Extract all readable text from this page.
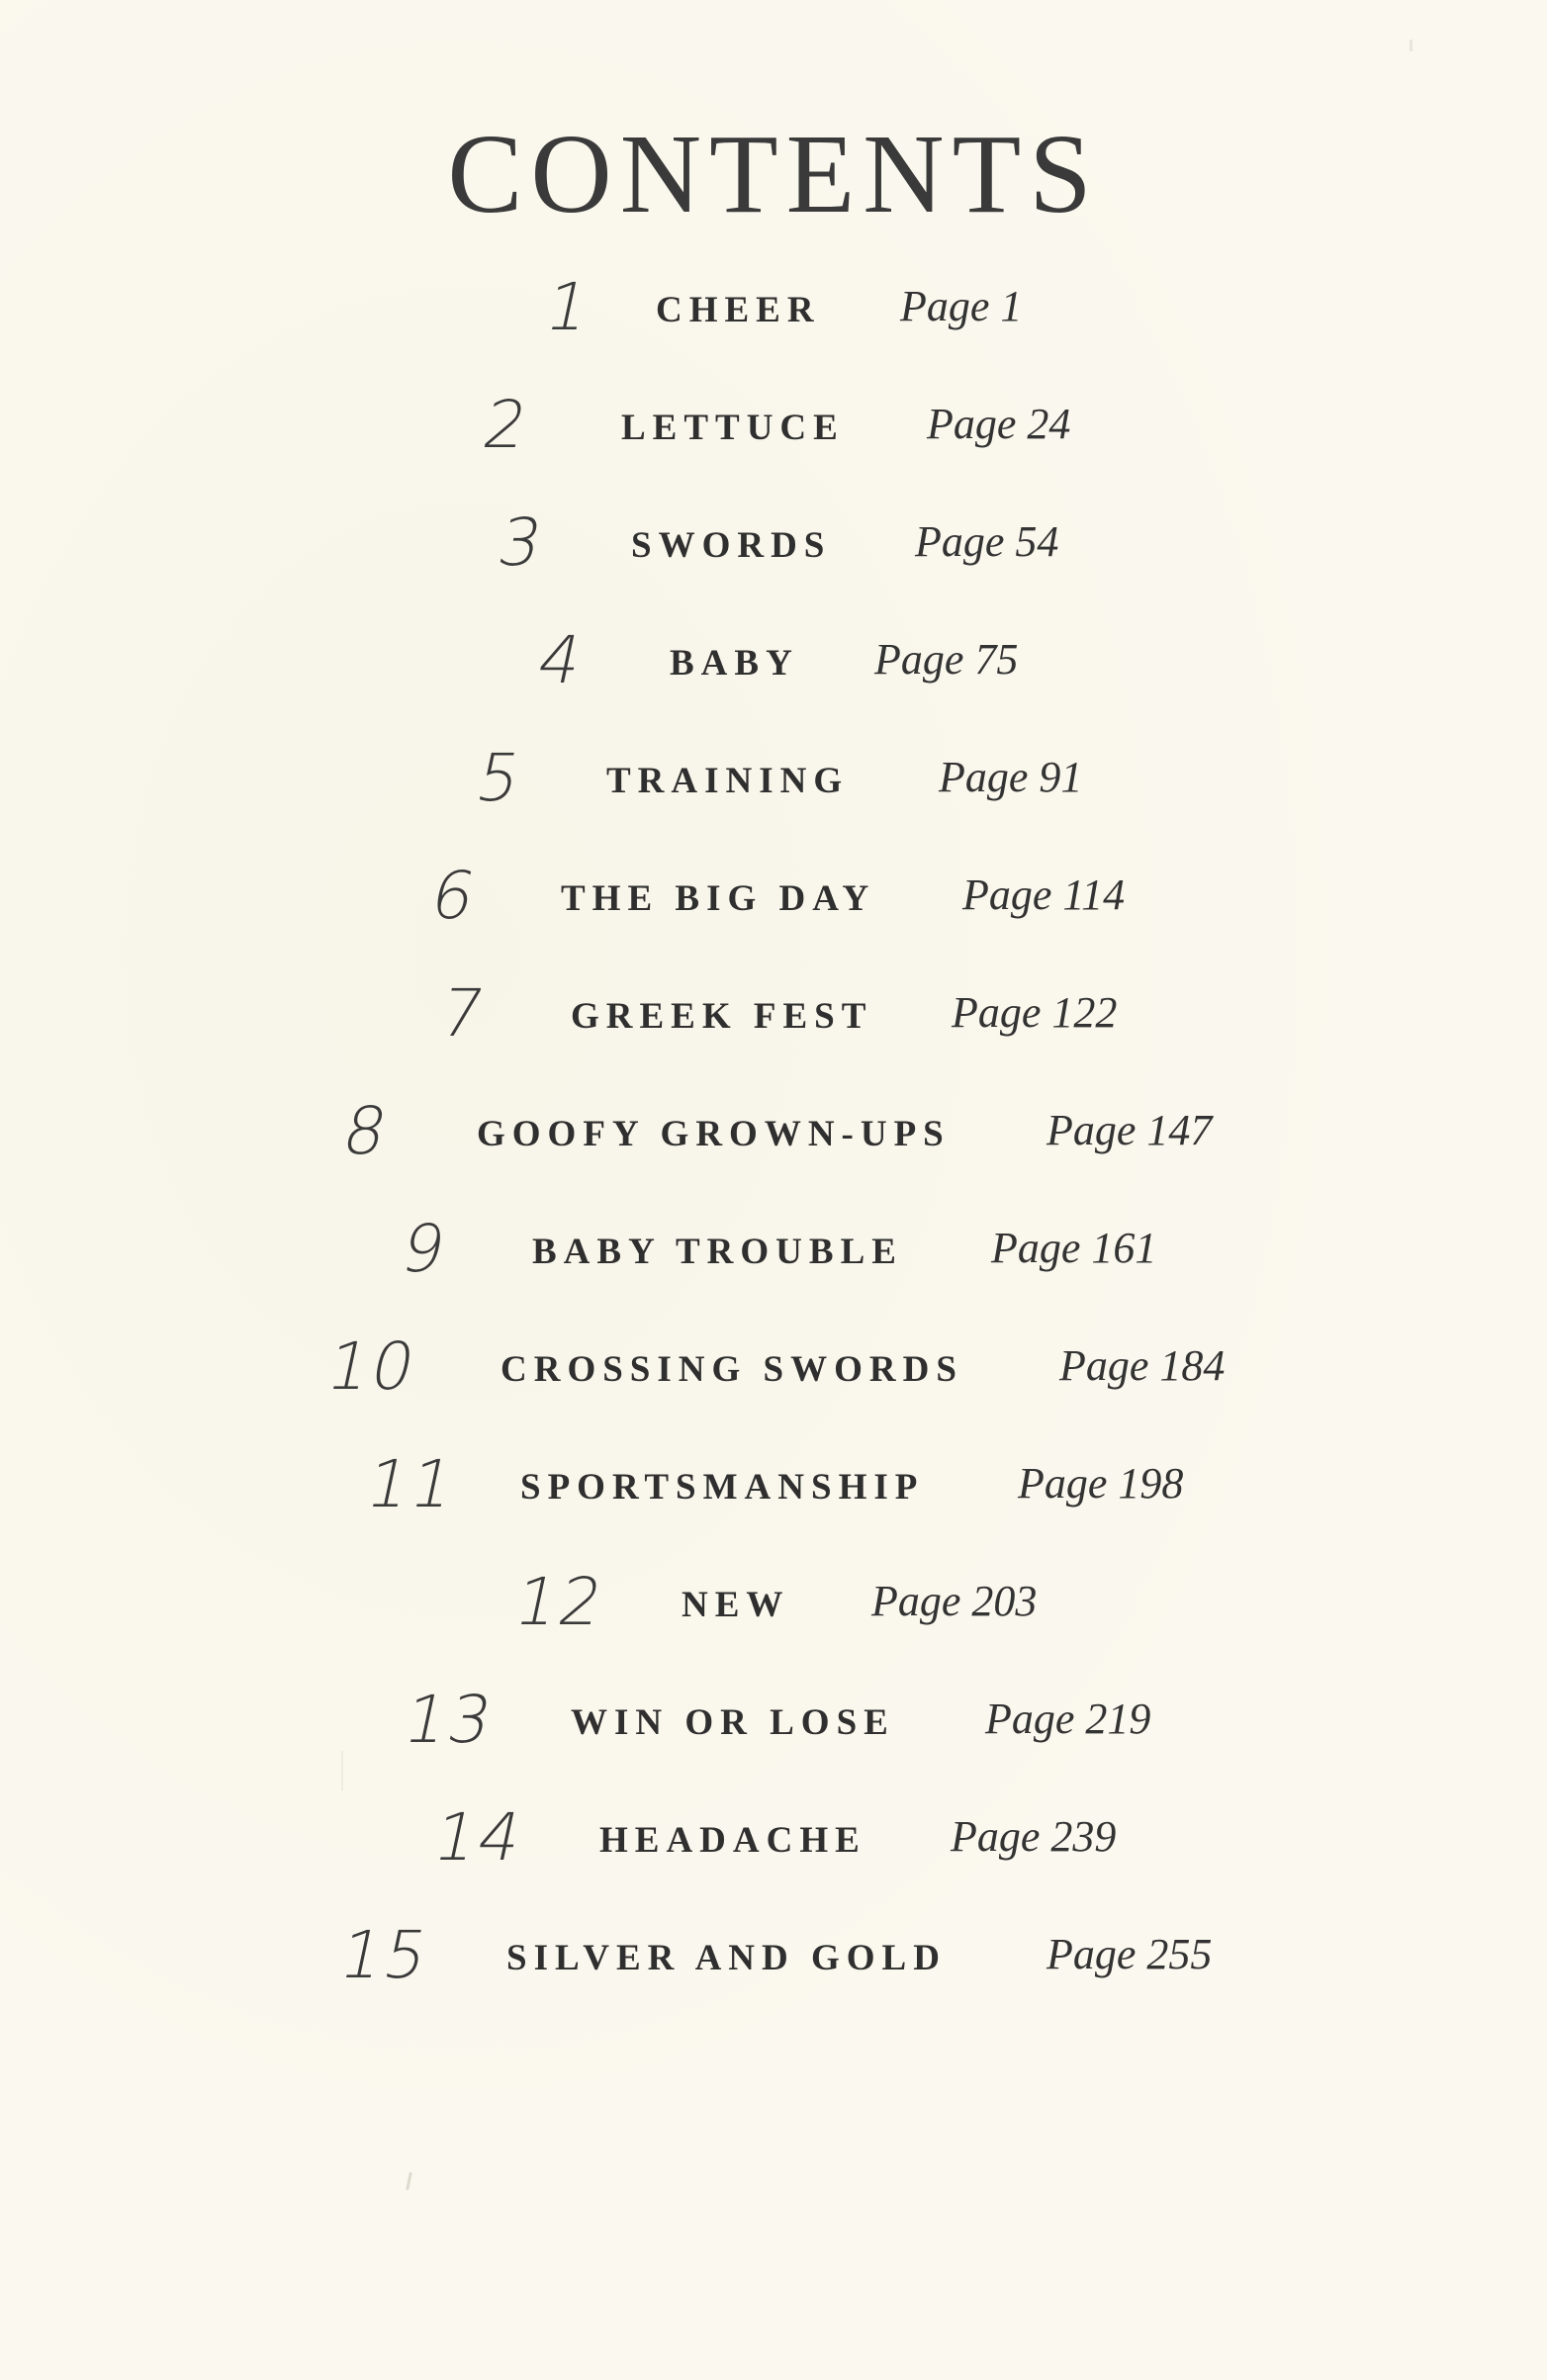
CONTENTS
1 CHEER Page 1
2 LETTUCE Page 24
3 SWORDS Page 54
4 BABY Page 75
5 TRAINING Page 91
6 THE BIG DAY Page 114
7 GREEK FEST Page 122
8 GOOFY GROWN-UPS Page 147
9 BABY TROUBLE Page 161
10 CROSSING SWORDS Page 184
11 SPORTSMANSHIP Page 198
12 NEW Page 203
13 WIN OR LOSE Page 219
14 HEADACHE Page 239
15 SILVER AND GOLD Page 255
